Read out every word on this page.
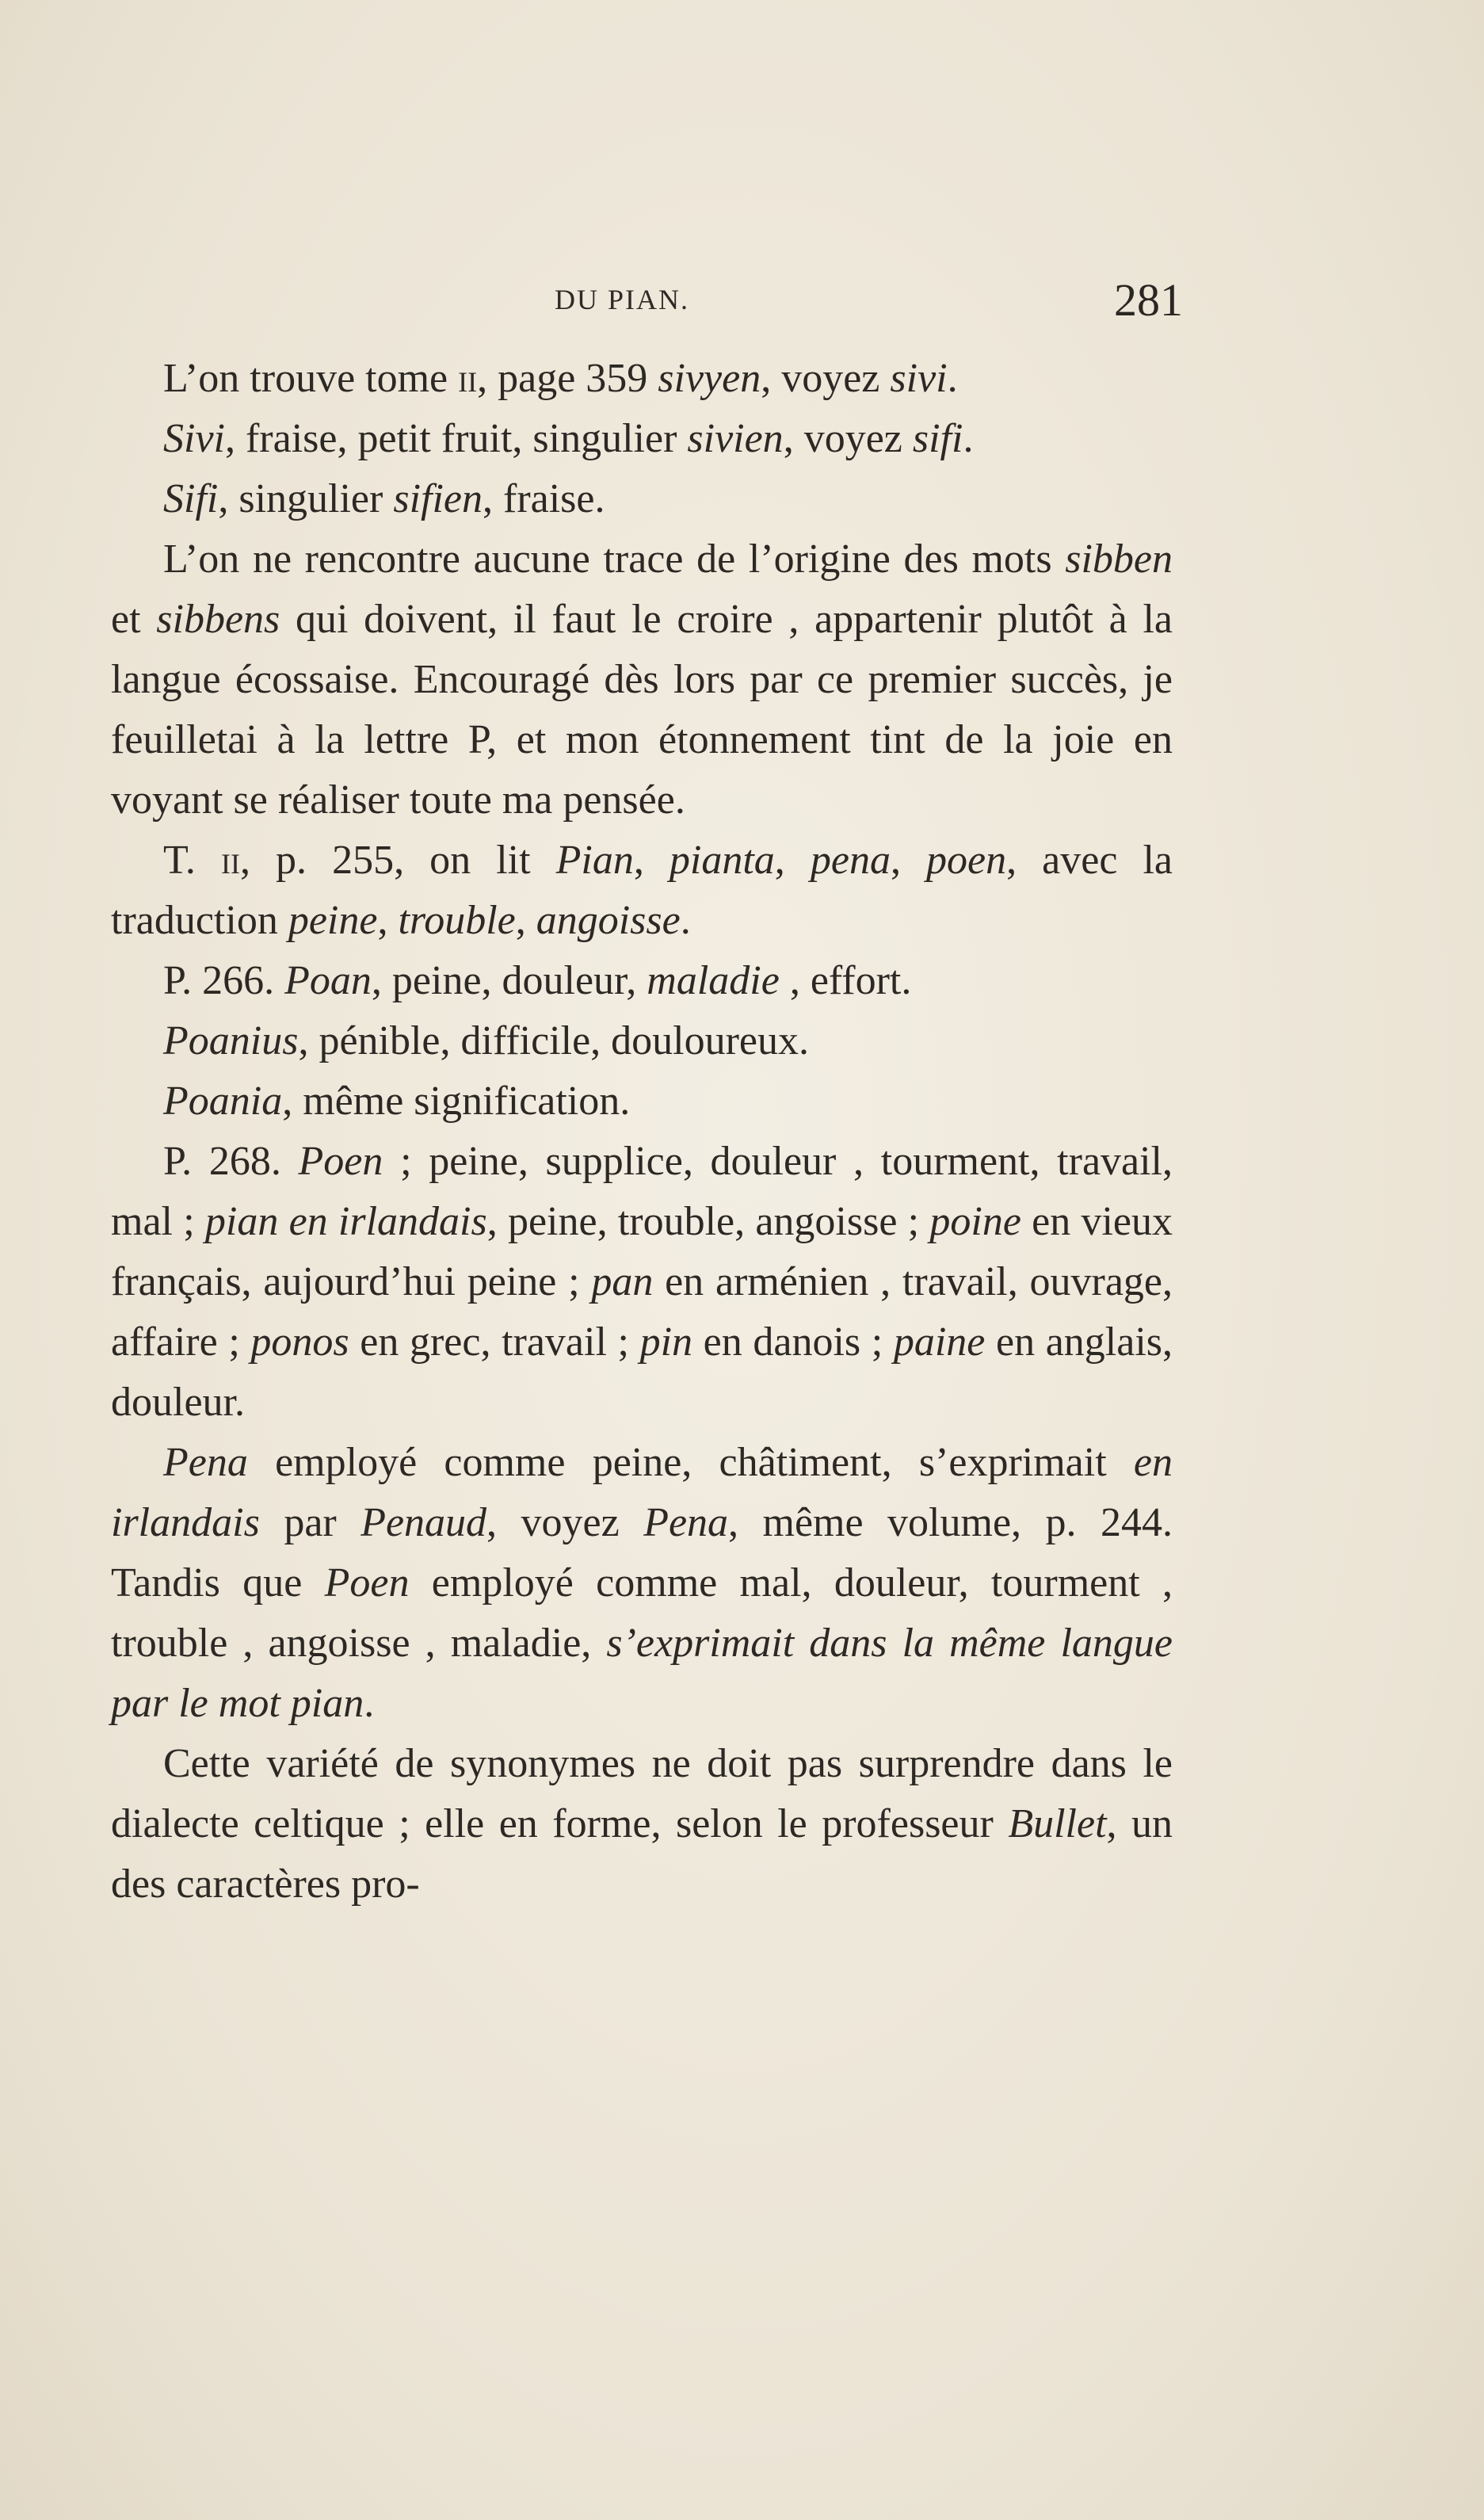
DU PIAN.	281

L’on trouve tome ii, page 359 sivyen, voyez sivi.

Sivi, fraise, petit fruit, singulier sivien, voyez sifi.

Sifi, singulier sifien, fraise.

L’on ne rencontre aucune trace de l’origine des mots sibben et sibbens qui doivent, il faut le croire , appartenir plutôt à la langue écossaise. Encouragé dès lors par ce premier succès, je feuilletai à la lettre P, et mon étonnement tint de la joie en voyant se réaliser toute ma pensée.

T. ii, p. 255, on lit Pian, pianta, pena, poen, avec la traduction peine, trouble, angoisse.

P. 266. Poan, peine, douleur, maladie , effort.

Poanius, pénible, difficile, douloureux.

Poania, même signification.

P. 268. Poen ; peine, supplice, douleur , tourment, travail, mal ; pian en irlandais, peine, trouble, angoisse ; poine en vieux français, aujourd’hui peine ; pan en arménien , travail, ouvrage, affaire ; ponos en grec, travail ; pin en danois ; paine en anglais, douleur.

Pena employé comme peine, châtiment, s’exprimait en irlandais par Penaud, voyez Pena, même volume, p. 244. Tandis que Poen employé comme mal, douleur, tourment , trouble , angoisse , maladie, s’exprimait dans la même langue par le mot pian.

Cette variété de synonymes ne doit pas surprendre dans le dialecte celtique ; elle en forme, selon le professeur Bullet, un des caractères pro-
